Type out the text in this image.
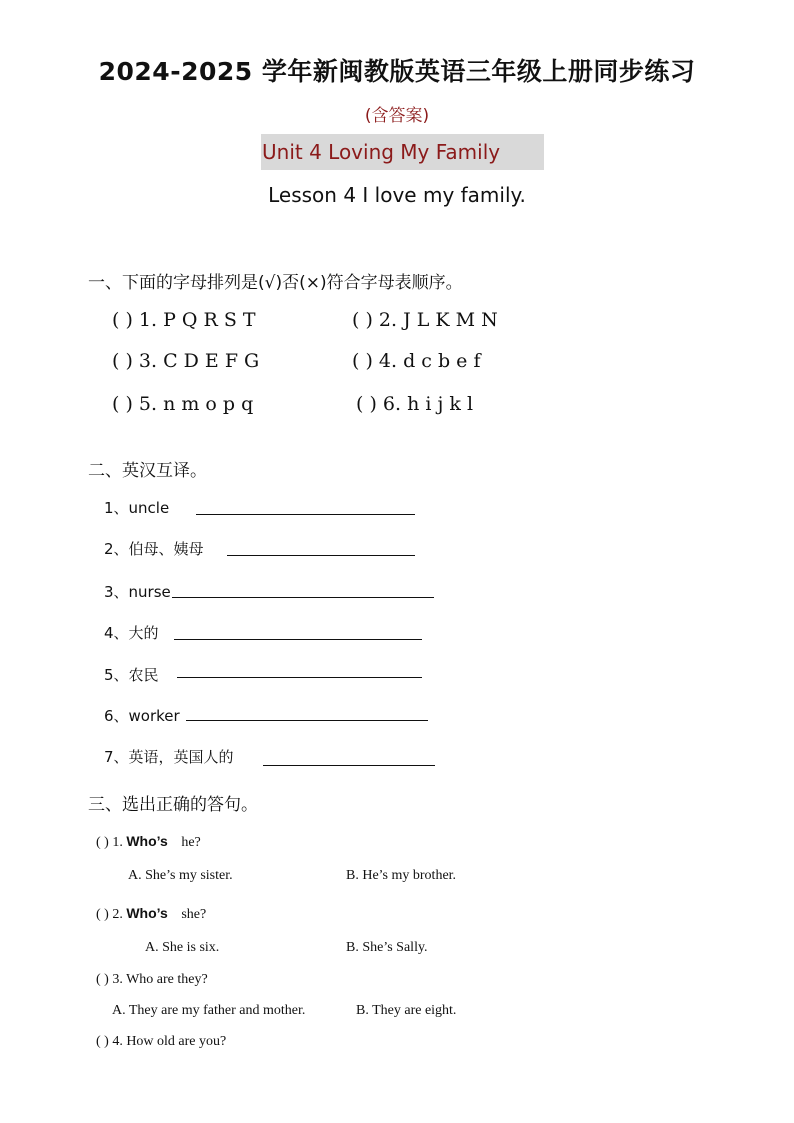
2024-2025 学年新闽教版英语三年级上册同步练习
(含答案)
Unit 4 Loving My Family
Lesson 4 I love my family.
一、下面的字母排列是(√)否(×)符合字母表顺序。
( ) 1. P Q R S T	( ) 2. J L K M N
( ) 3. C D E F G	( ) 4. d c b e f
( ) 5. n m o p q	( ) 6. h i j k l
二、英汉互译。
1、uncle
2、伯母、姨母
3、nurse
4、大的
5、农民
6、worker
7、英语，英国人的
三、选出正确的答句。
( ) 1. Who’s he?
A. She’s my sister.	B. He’s my brother.
( ) 2. Who’s she?
A. She is six.	B. She’s Sally.
( ) 3. Who are they?
A. They are my father and mother.	B. They are eight.
( ) 4. How old are you?
